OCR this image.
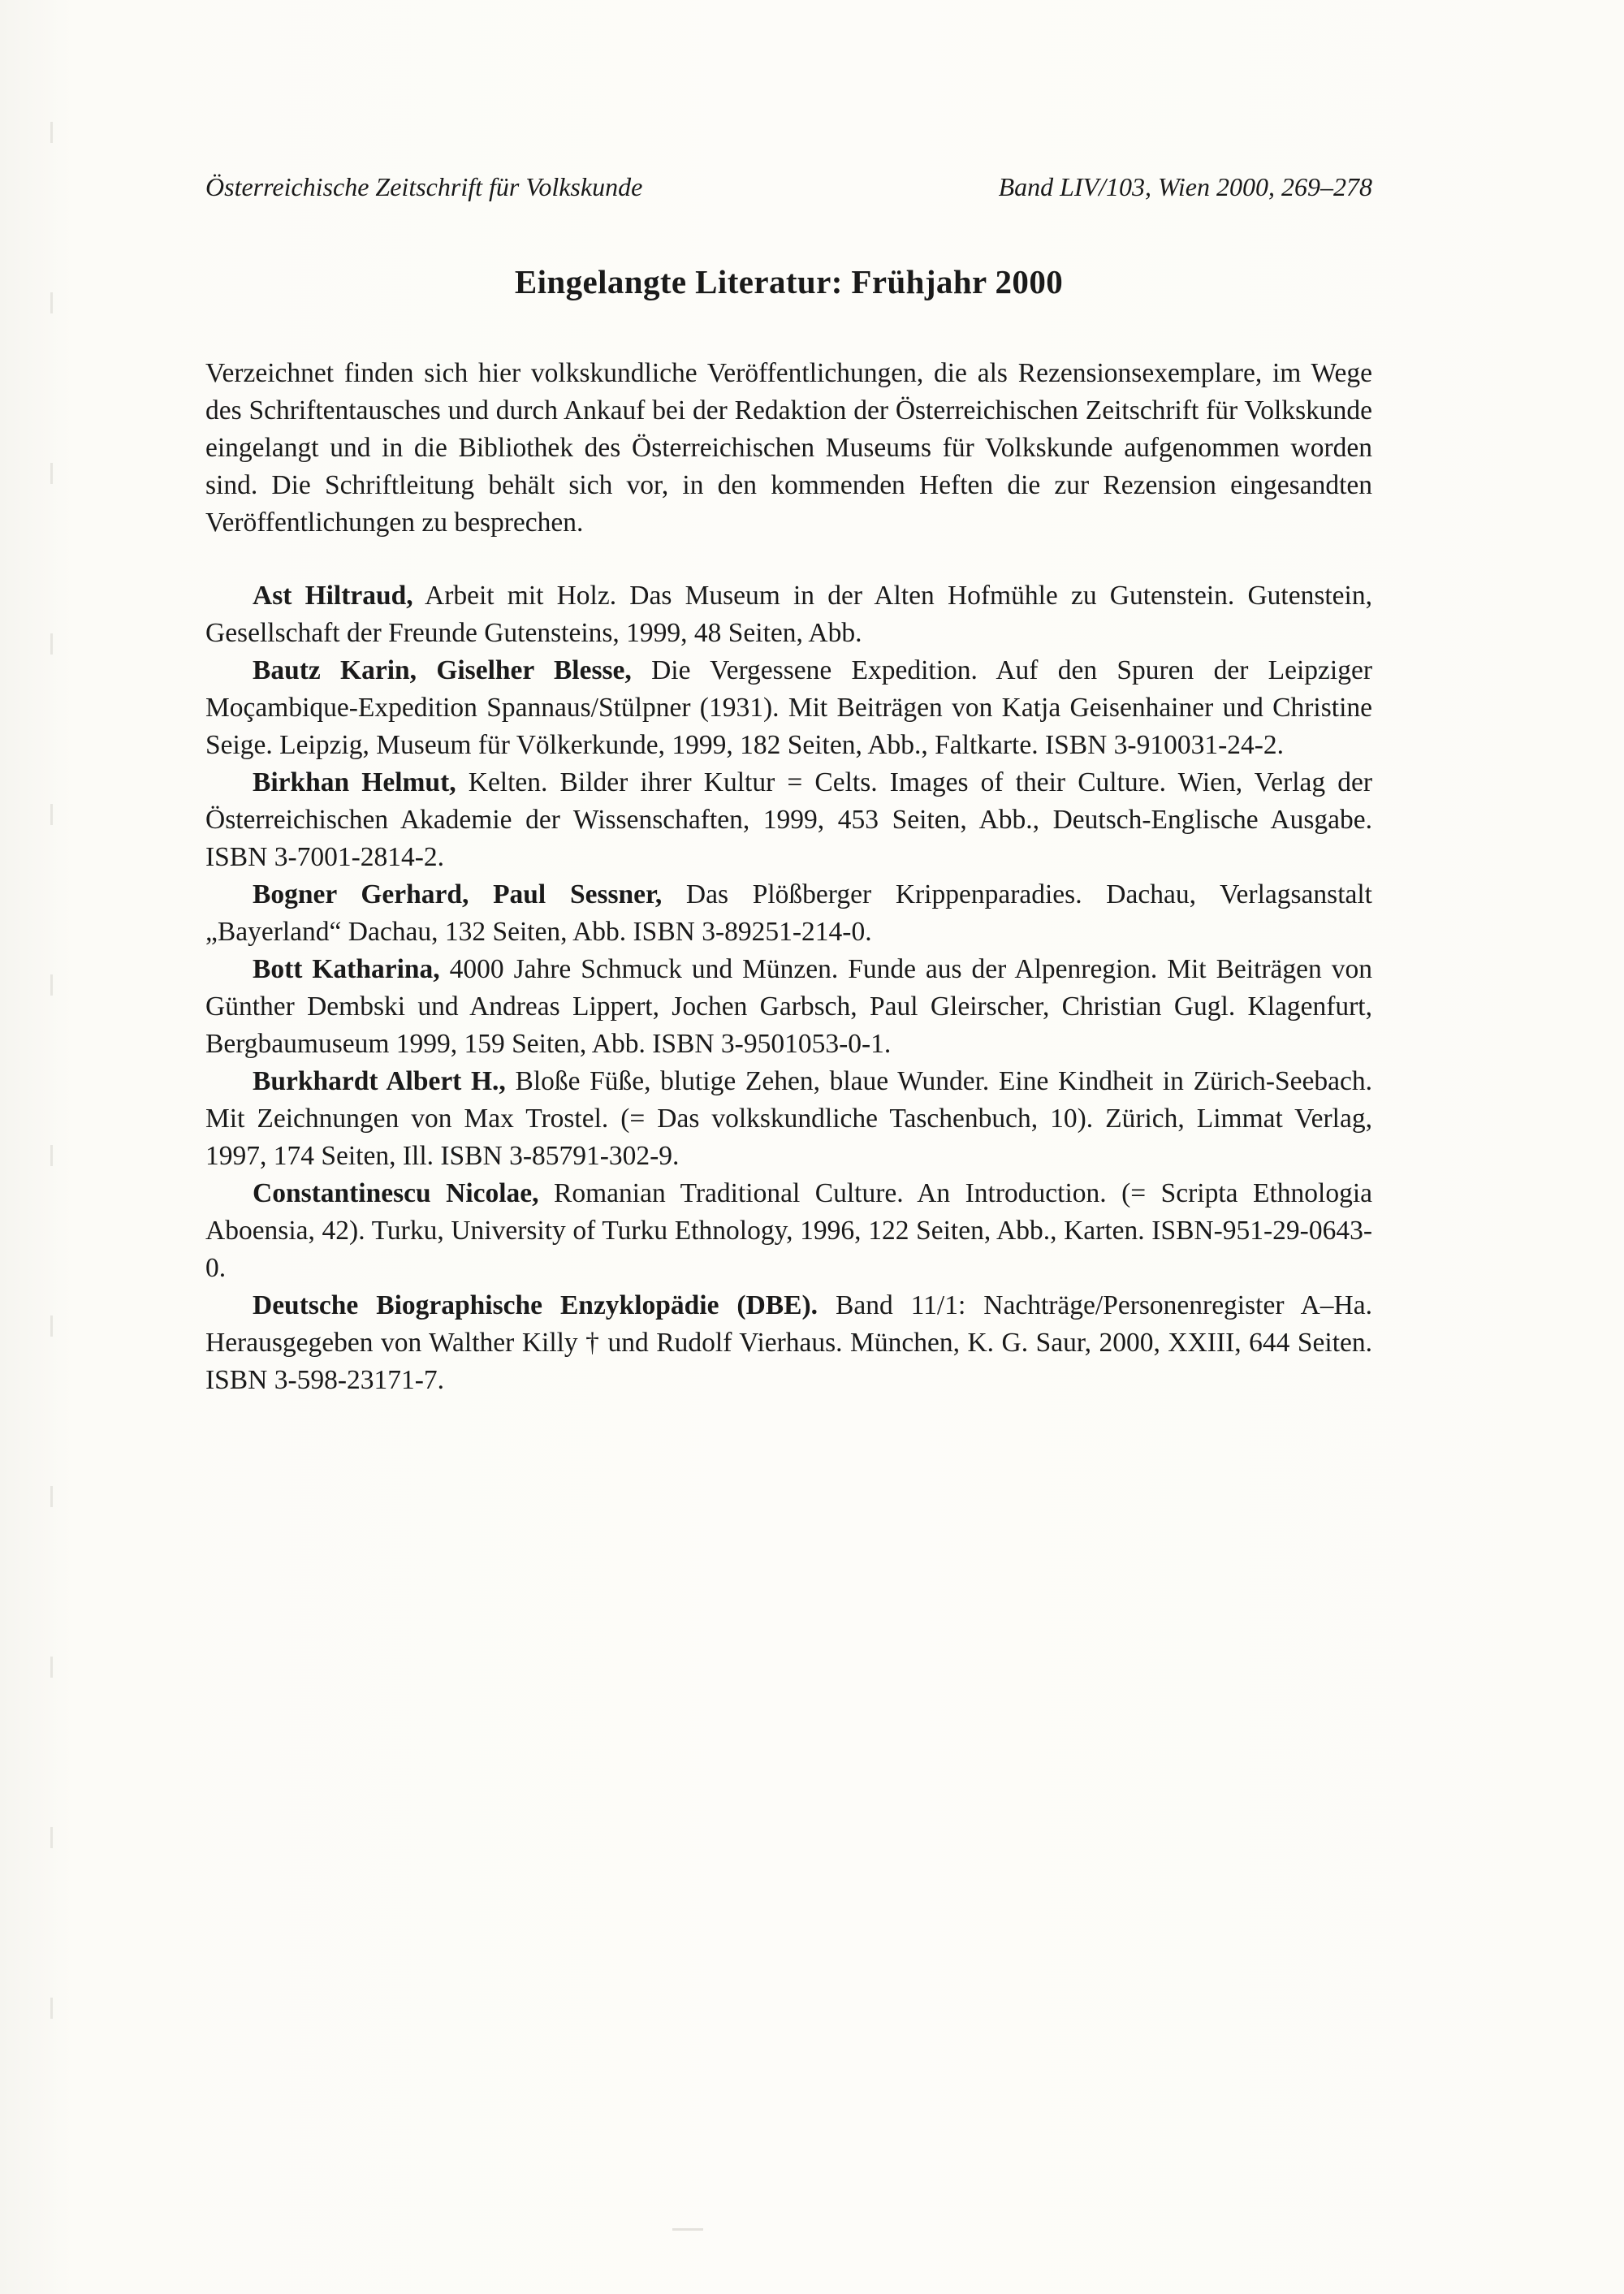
Österreichische Zeitschrift für Volkskunde	Band LIV/103, Wien 2000, 269–278
Eingelangte Literatur: Frühjahr 2000

Verzeichnet finden sich hier volkskundliche Veröffentlichungen, die als Rezensionsexemplare, im Wege des Schriftentausches und durch Ankauf bei der Redaktion der Österreichischen Zeitschrift für Volkskunde eingelangt und in die Bibliothek des Österreichischen Museums für Volkskunde aufgenommen worden sind. Die Schriftleitung behält sich vor, in den kommenden Heften die zur Rezension eingesandten Veröffentlichungen zu besprechen.

Ast Hiltraud, Arbeit mit Holz. Das Museum in der Alten Hofmühle zu Gutenstein. Gutenstein, Gesellschaft der Freunde Gutensteins, 1999, 48 Seiten, Abb.

Bautz Karin, Giselher Blesse, Die Vergessene Expedition. Auf den Spuren der Leipziger Moçambique-Expedition Spannaus/Stülpner (1931). Mit Beiträgen von Katja Geisenhainer und Christine Seige. Leipzig, Museum für Völkerkunde, 1999, 182 Seiten, Abb., Faltkarte. ISBN 3-910031-24-2.

Birkhan Helmut, Kelten. Bilder ihrer Kultur = Celts. Images of their Culture. Wien, Verlag der Österreichischen Akademie der Wissenschaften, 1999, 453 Seiten, Abb., Deutsch-Englische Ausgabe. ISBN 3-7001-2814-2.

Bogner Gerhard, Paul Sessner, Das Plößberger Krippenparadies. Dachau, Verlagsanstalt „Bayerland“ Dachau, 132 Seiten, Abb. ISBN 3-89251-214-0.

Bott Katharina, 4000 Jahre Schmuck und Münzen. Funde aus der Alpenregion. Mit Beiträgen von Günther Dembski und Andreas Lippert, Jochen Garbsch, Paul Gleirscher, Christian Gugl. Klagenfurt, Bergbaumuseum 1999, 159 Seiten, Abb. ISBN 3-9501053-0-1.

Burkhardt Albert H., Bloße Füße, blutige Zehen, blaue Wunder. Eine Kindheit in Zürich-Seebach. Mit Zeichnungen von Max Trostel. (= Das volkskundliche Taschenbuch, 10). Zürich, Limmat Verlag, 1997, 174 Seiten, Ill. ISBN 3-85791-302-9.

Constantinescu Nicolae, Romanian Traditional Culture. An Introduction. (= Scripta Ethnologia Aboensia, 42). Turku, University of Turku Ethnology, 1996, 122 Seiten, Abb., Karten. ISBN-951-29-0643-0.

Deutsche Biographische Enzyklopädie (DBE). Band 11/1: Nachträge/Personenregister A–Ha. Herausgegeben von Walther Killy † und Rudolf Vierhaus. München, K. G. Saur, 2000, XXIII, 644 Seiten. ISBN 3-598-23171-7.
